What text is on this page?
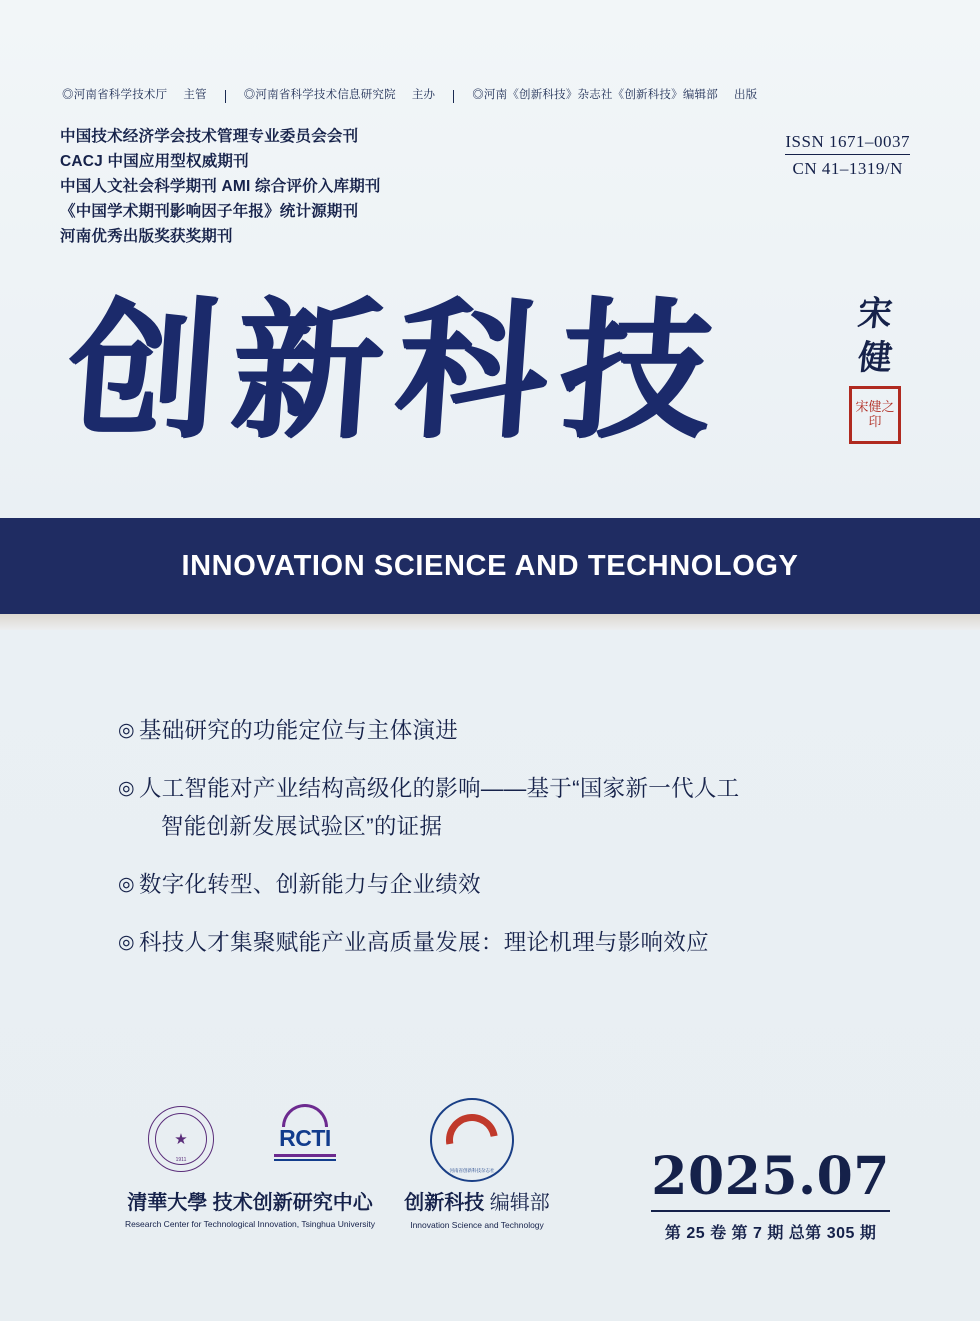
◎河南省科学技术厅 主管	◎河南省科学技术信息研究院 主办	◎河南《创新科技》杂志社《创新科技》编辑部 出版
中国技术经济学会技术管理专业委员会会刊
CACJ 中国应用型权威期刊
中国人文社会科学期刊 AMI 综合评价入库期刊
《中国学术期刊影响因子年报》统计源期刊
河南优秀出版奖获奖期刊
ISSN 1671–0037
CN 41–1319/N
创新科技	宋
健
宋健之印
INNOVATION SCIENCE AND TECHNOLOGY
◎ 基础研究的功能定位与主体演进
◎ 人工智能对产业结构高级化的影响——基于“国家新一代人工
智能创新发展试验区”的证据
◎ 数字化转型、创新能力与企业绩效
◎ 科技人才集聚赋能产业高质量发展：理论机理与影响效应
★
1911
RCTI
清華大學 技术创新研究中心
Research Center for Technological Innovation, Tsinghua University
河南省创新科技杂志社
创新科技 编辑部
Innovation Science and Technology
2025.07
第 25 卷 第 7 期 总第 305 期
